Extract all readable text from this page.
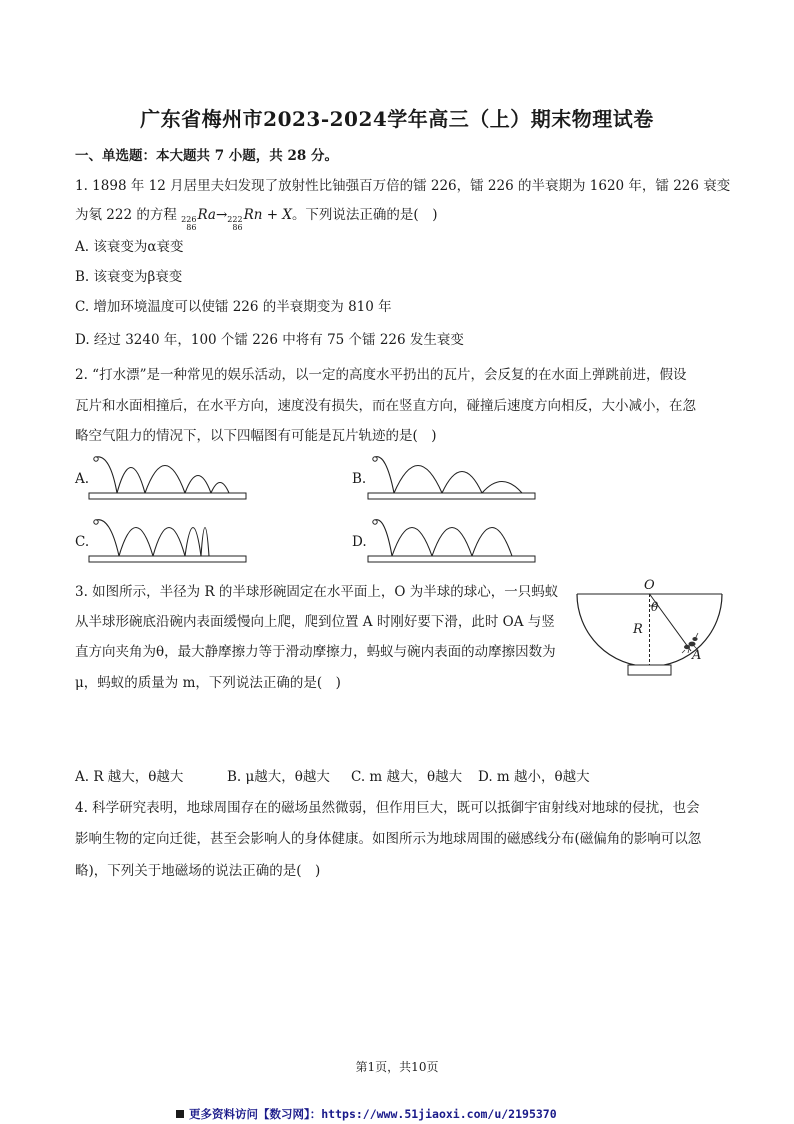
广东省梅州市2023-2024学年高三（上）期末物理试卷
一、单选题：本大题共 7 小题，共 28 分。
1. 1898 年 12 月居里夫妇发现了放射性比铀强百万倍的镭 226，镭 226 的半衰期为 1620 年，镭 226 衰变
为氡 222 的方程 226
86
Ra→ 222
86
Rn + X。下列说法正确的是(　)
A. 该衰变为α衰变
B. 该衰变为β衰变
C. 增加环境温度可以使镭 226 的半衰期变为 810 年
D. 经过 3240 年，100 个镭 226 中将有 75 个镭 226 发生衰变
2. “打水漂”是一种常见的娱乐活动，以一定的高度水平扔出的瓦片，会反复的在水面上弹跳前进，假设
瓦片和水面相撞后，在水平方向，速度没有损失，而在竖直方向，碰撞后速度方向相反，大小减小，在忽
略空气阻力的情况下，以下四幅图有可能是瓦片轨迹的是(　)
A.	B.
C.	D.
3. 如图所示，半径为 R 的半球形碗固定在水平面上，O 为半球的球心，一只蚂蚁
从半球形碗底沿碗内表面缓慢向上爬，爬到位置 A 时刚好要下滑，此时 OA 与竖
直方向夹角为θ，最大静摩擦力等于滑动摩擦力，蚂蚁与碗内表面的动摩擦因数为
μ，蚂蚁的质量为 m，下列说法正确的是(　)
O
θ
R
A
A. R 越大，θ越大	B. μ越大，θ越大 C. m 越大，θ越大 D. m 越小，θ越大
4. 科学研究表明，地球周围存在的磁场虽然微弱，但作用巨大，既可以抵御宇宙射线对地球的侵扰，也会
影响生物的定向迁徙，甚至会影响人的身体健康。如图所示为地球周围的磁感线分布(磁偏角的影响可以忽
略)，下列关于地磁场的说法正确的是(　)
第1页，共10页
更多资料访问【数习网】：https://www.51jiaoxi.com/u/2195370
